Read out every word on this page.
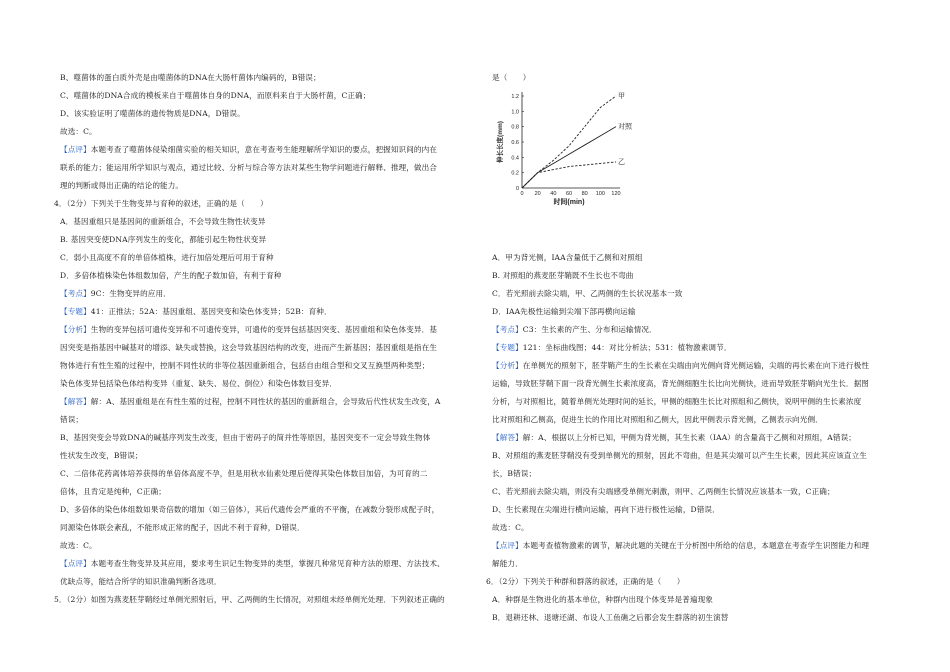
B、噬菌体的蛋白质外壳是由噬菌体的DNA在大肠杆菌体内编码的，B错误；
C、噬菌体的DNA合成的模板来自于噬菌体自身的DNA，而原料来自于大肠杆菌，C正确；
D、该实验证明了噬菌体的遗传物质是DNA，D错误。
故选：C。
【 点评 】 本题考查了噬菌体侵染细菌实验的相关知识，意在考查考生能理解所学知识的要点，把握知识间的内在
联系的能力；能运用所学知识与观点，通过比较、分析与综合等方法对某些生物学问题进行解释、推理，做出合
理的判断或得出正确的结论的能力。
4．（2分）下列关于生物变异与育种的叙述，正确的是（　　）
A．基因重组只是基因间的重新组合，不会导致生物性状变异
B. 基因突变使DNA序列发生的变化，都能引起生物性状变异
C．弱小且高度不育的单倍体植株，进行加倍处理后可用于育种
D．多倍体植株染色体组数加倍，产生的配子数加倍，有利于育种
【 考点 】 9C：生物变异的应用．
【 专题 】 41：正推法；52A：基因重组、基因突变和染色体变异；52B：育种．
【 分析 】 生物的变异包括可遗传变异和不可遗传变异，可遗传的变异包括基因突变、基因重组和染色体变异．基
因突变是指基因中碱基对的增添、缺失或替换，这会导致基因结构的改变，进而产生新基因；基因重组是指在生
物体进行有性生殖的过程中，控制不同性状的非等位基因重新组合，包括自由组合型和交叉互换型两种类型；
染色体变异包括染色体结构变异（重复、缺失、易位、倒位）和染色体数目变异．
【 解答 】 解：A、基因重组是在有性生殖的过程，控制不同性状的基因的重新组合，会导致后代性状发生改变，A
错误；
B、基因突变会导致DNA的碱基序列发生改变，但由于密码子的简并性等原因，基因突变不一定会导致生物体
性状发生改变，B错误；
C、二倍体花药离体培养获得的单倍体高度不孕，但是用秋水仙素处理后使得其染色体数目加倍，为可育的二
倍体，且肯定是纯种，C正确；
D、多倍体的染色体组数如果奇倍数的增加（如三倍体），其后代遗传会严重的不平衡，在减数分裂形成配子时，
同源染色体联会紊乱，不能形成正常的配子，因此不利于育种，D错误．
故选：C。
【 点评 】 本题考查生物变异及其应用，要求考生识记生物变异的类型，掌握几种常见育种方法的原理、方法技术、
优缺点等，能结合所学的知识准确判断各选项．
5．（2分）如图为燕麦胚芽鞘经过单侧光照射后，甲、乙两侧的生长情况，对照组未经单侧光处理．下列叙述正确的
是（　　）
A．甲为背光侧，IAA含量低于乙侧和对照组
B. 对照组的燕麦胚芽鞘既不生长也不弯曲
C．若光照前去除尖端，甲、乙两侧的生长状况基本一致
D．IAA先极性运输到尖端下部再横向运输
【 考点 】 C3：生长素的产生、分布和运输情况．
【 专题 】 121：坐标曲线图；44：对比分析法；531：植物激素调节．
【 分析 】 在单侧光的照射下，胚芽鞘产生的生长素在尖端由向光侧向背光侧运输，尖端的再长素在向下进行极性
运输，导致胚芽鞘下面一段背光侧生长素浓度高，背光侧细胞生长比向光侧快，进而导致胚芽鞘向光生长．据图
分析，与对照相比，随着单侧光处理时间的延长，甲侧的细胞生长比对照组和乙侧快，说明甲侧的生长素浓度
比对照组和乙侧高，促进生长的作用比对照组和乙侧大，因此甲侧表示背光侧，乙侧表示向光侧．
【 解答 】 解：A、根据以上分析已知，甲侧为背光侧，其生长素（IAA）的含量高于乙侧和对照组，A错误；
B、对照组的燕麦胚芽鞘没有受到单侧光的照射，因此不弯曲，但是其尖端可以产生生长素，因此其应该直立生
长，B错误；
C、若光照前去除尖端，则没有尖端感受单侧光刺激，则甲、乙两侧生长情况应该基本一致，C正确；
D、生长素现在尖端进行横向运输，再向下进行极性运输，D错误．
故选：C。
【 点评 】 本题考查植物激素的调节，解决此题的关键在于分析图中所给的信息，本题意在考查学生识图能力和理
解能力．
6．（2分）下列关于种群和群落的叙述，正确的是（　　）
A．种群是生物进化的基本单位，种群内出现个体变异是普遍现象
B．退耕还林、退塘还湖、布设人工鱼礁之后都会发生群落的初生演替
0 20 40 60 80 100 120
0
0.2
0.4
0.6
0.8
1.0
1.2	甲
对照
乙
时间(min)
伸长长度(mm)
